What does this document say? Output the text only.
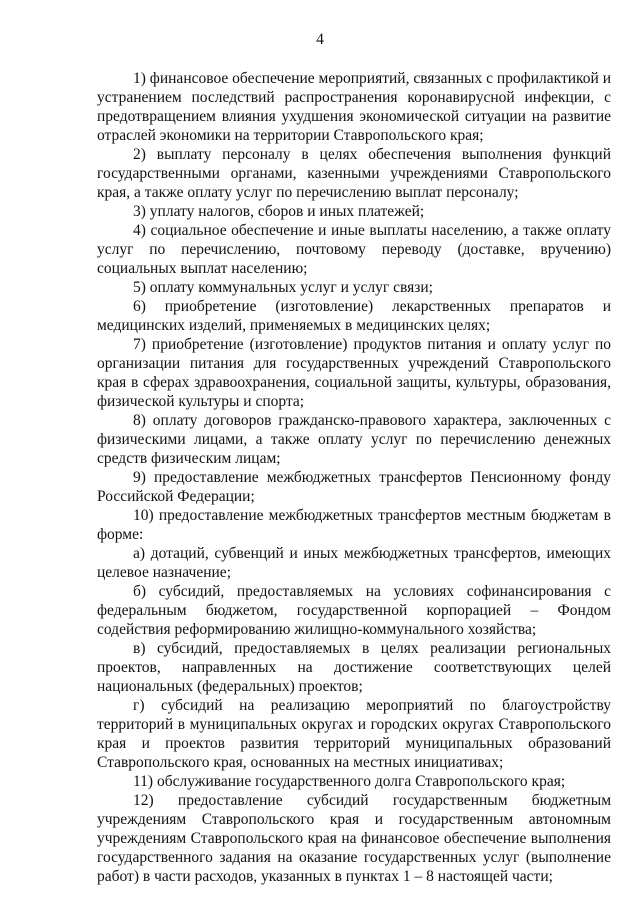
4

1) финансовое обеспечение мероприятий, связанных с профилактикой и устранением последствий распространения коронавирусной инфекции, с предотвращением влияния ухудшения экономической ситуации на развитие отраслей экономики на территории Ставропольского края;

2) выплату персоналу в целях обеспечения выполнения функций государственными органами, казенными учреждениями Ставропольского края, а также оплату услуг по перечислению выплат персоналу;

3) уплату налогов, сборов и иных платежей;

4) социальное обеспечение и иные выплаты населению, а также оплату услуг по перечислению, почтовому переводу (доставке, вручению) социальных выплат населению;

5) оплату коммунальных услуг и услуг связи;

6) приобретение (изготовление) лекарственных препаратов и медицинских изделий, применяемых в медицинских целях;

7) приобретение (изготовление) продуктов питания и оплату услуг по организации питания для государственных учреждений Ставропольского края в сферах здравоохранения, социальной защиты, культуры, образования, физической культуры и спорта;

8) оплату договоров гражданско-правового характера, заключенных с физическими лицами, а также оплату услуг по перечислению денежных средств физическим лицам;

9) предоставление межбюджетных трансфертов Пенсионному фонду Российской Федерации;

10) предоставление межбюджетных трансфертов местным бюджетам в форме:

а) дотаций, субвенций и иных межбюджетных трансфертов, имеющих целевое назначение;

б) субсидий, предоставляемых на условиях софинансирования с федеральным бюджетом, государственной корпорацией – Фондом содействия реформированию жилищно-коммунального хозяйства;

в) субсидий, предоставляемых в целях реализации региональных проектов, направленных на достижение соответствующих целей национальных (федеральных) проектов;

г) субсидий на реализацию мероприятий по благоустройству территорий в муниципальных округах и городских округах Ставропольского края и проектов развития территорий муниципальных образований Ставропольского края, основанных на местных инициативах;

11) обслуживание государственного долга Ставропольского края;

12) предоставление субсидий государственным бюджетным учреждениям Ставропольского края и государственным автономным учреждениям Ставропольского края на финансовое обеспечение выполнения государственного задания на оказание государственных услуг (выполнение работ) в части расходов, указанных в пунктах 1 – 8 настоящей части;
